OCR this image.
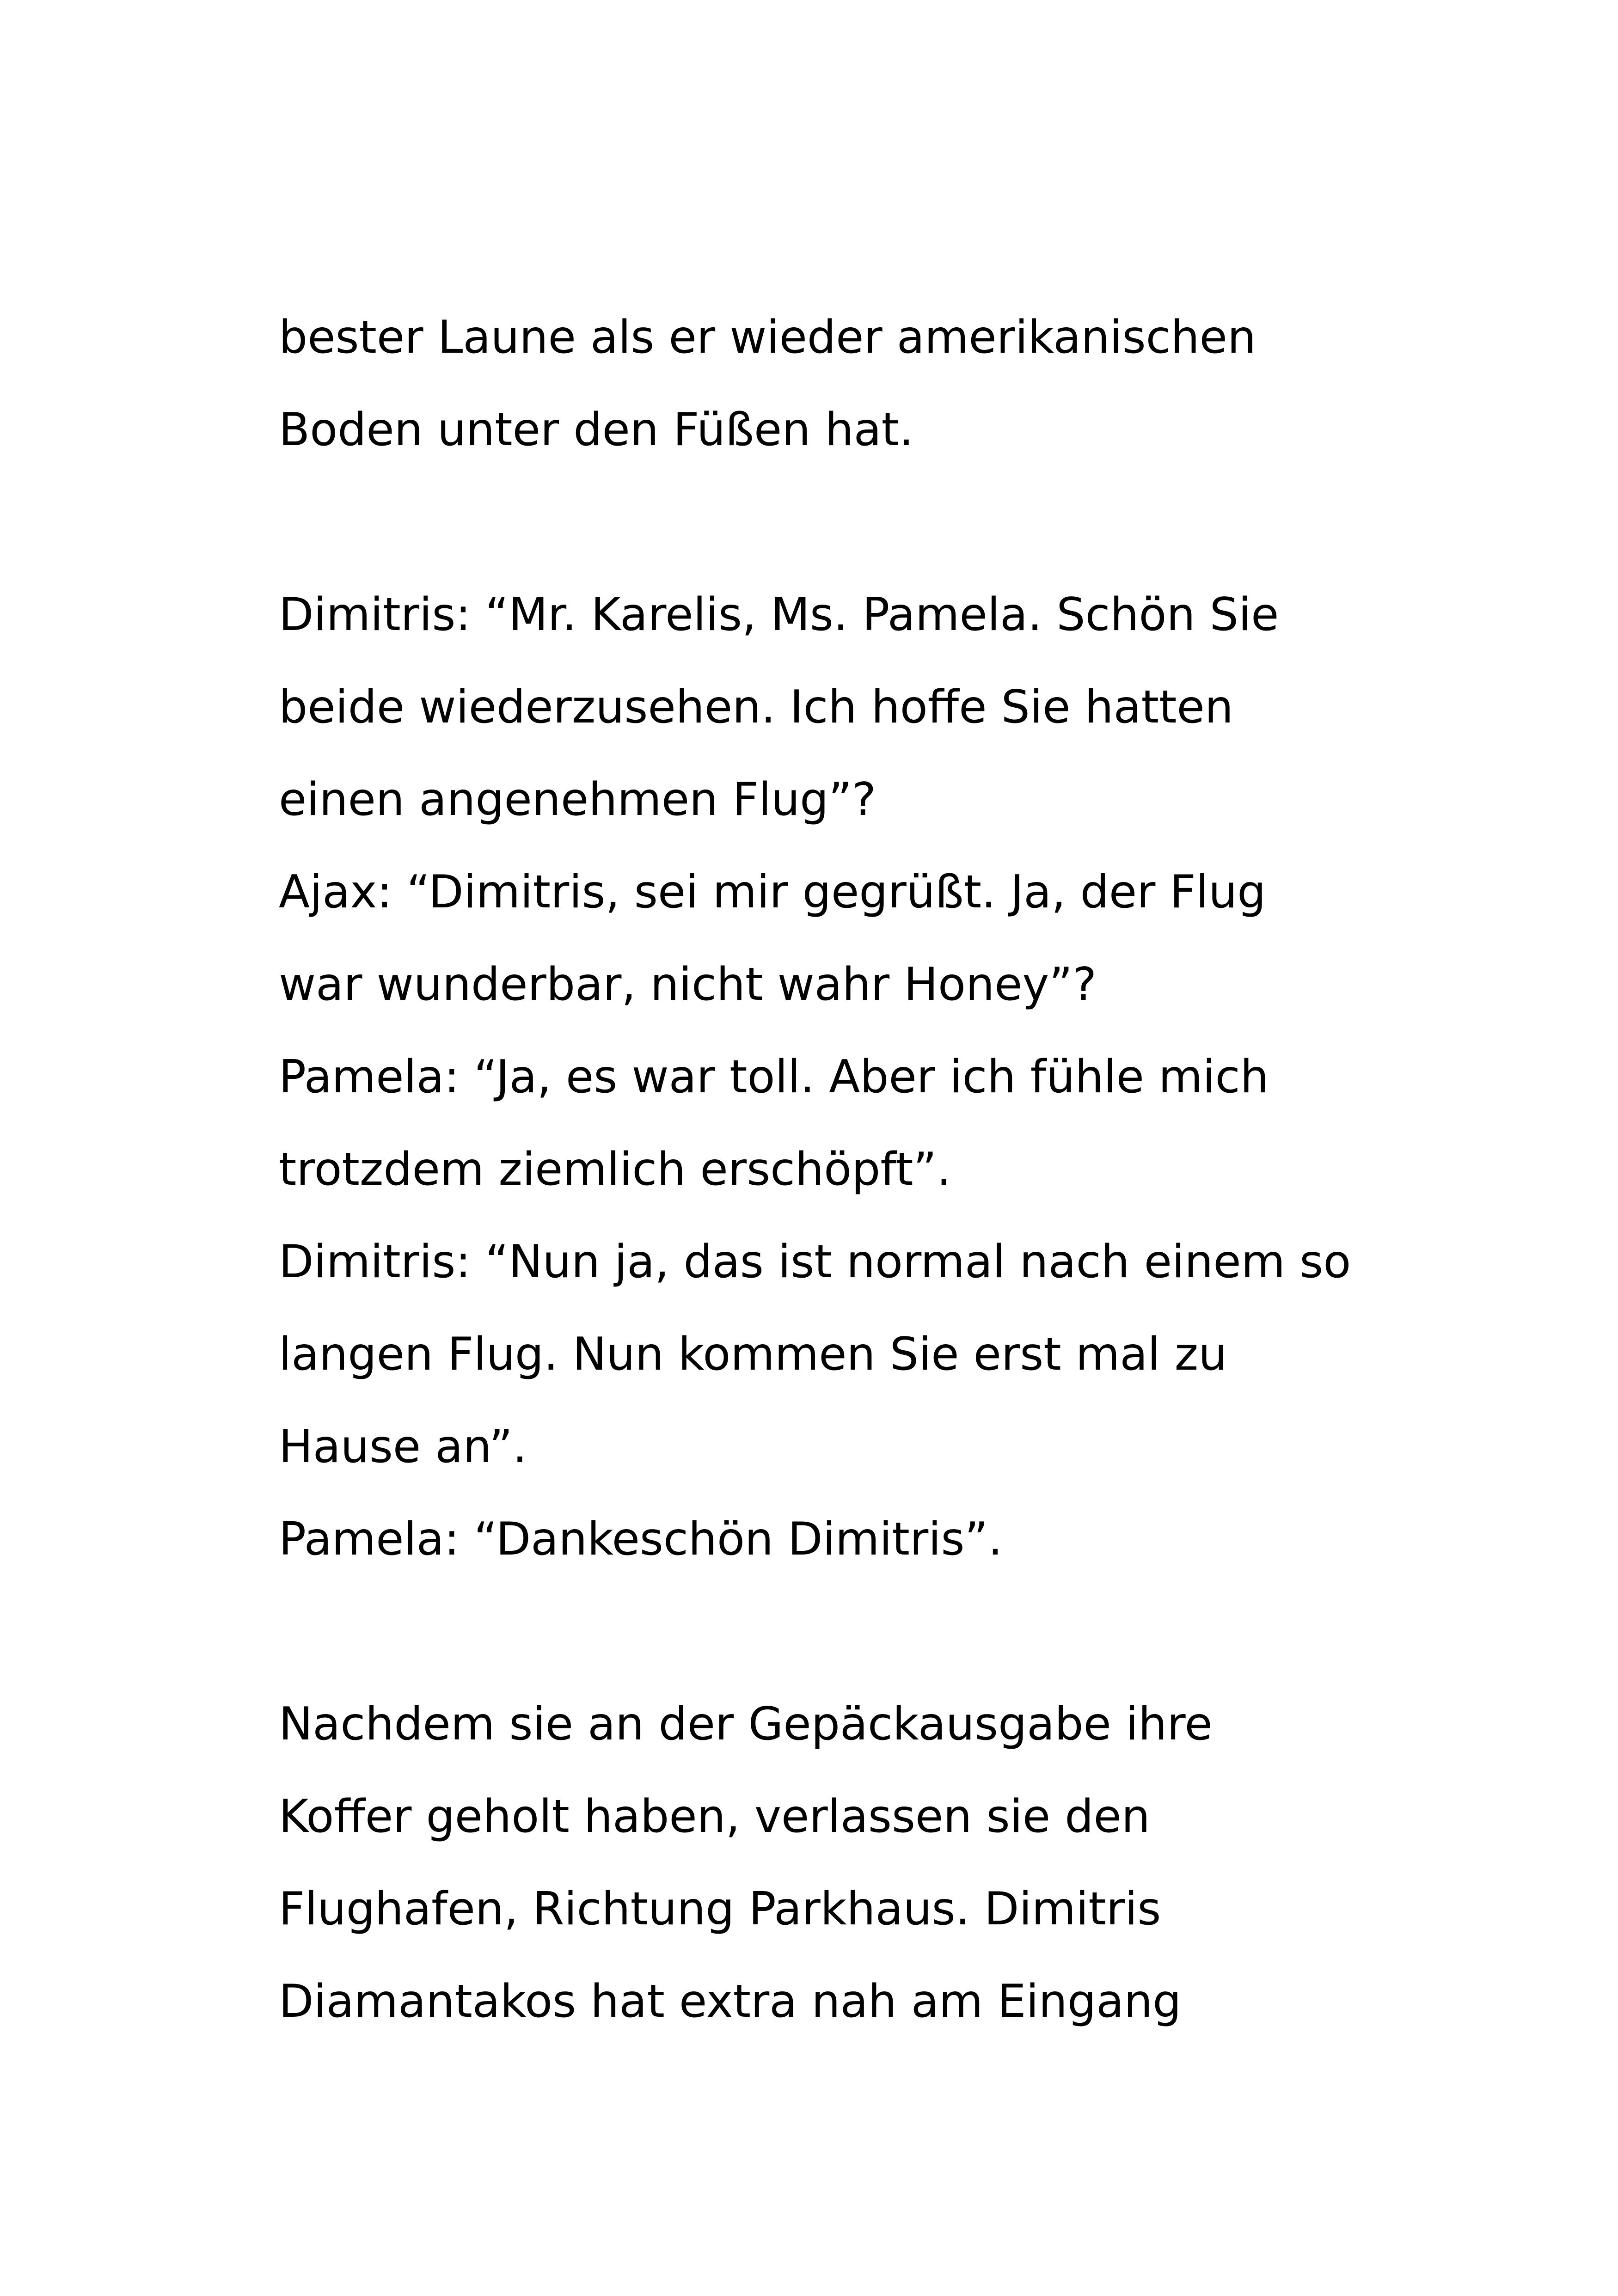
bester Laune als er wieder amerikanischen
Boden unter den Füßen hat.
Dimitris: “Mr. Karelis, Ms. Pamela. Schön Sie
beide wiederzusehen. Ich hoffe Sie hatten
einen angenehmen Flug”?
Ajax: “Dimitris, sei mir gegrüßt. Ja, der Flug
war wunderbar, nicht wahr Honey”?
Pamela: “Ja, es war toll. Aber ich fühle mich
trotzdem ziemlich erschöpft”.
Dimitris: “Nun ja, das ist normal nach einem so
langen Flug. Nun kommen Sie erst mal zu
Hause an”.
Pamela: “Dankeschön Dimitris”.
Nachdem sie an der Gepäckausgabe ihre
Koffer geholt haben, verlassen sie den
Flughafen, Richtung Parkhaus. Dimitris
Diamantakos hat extra nah am Eingang
